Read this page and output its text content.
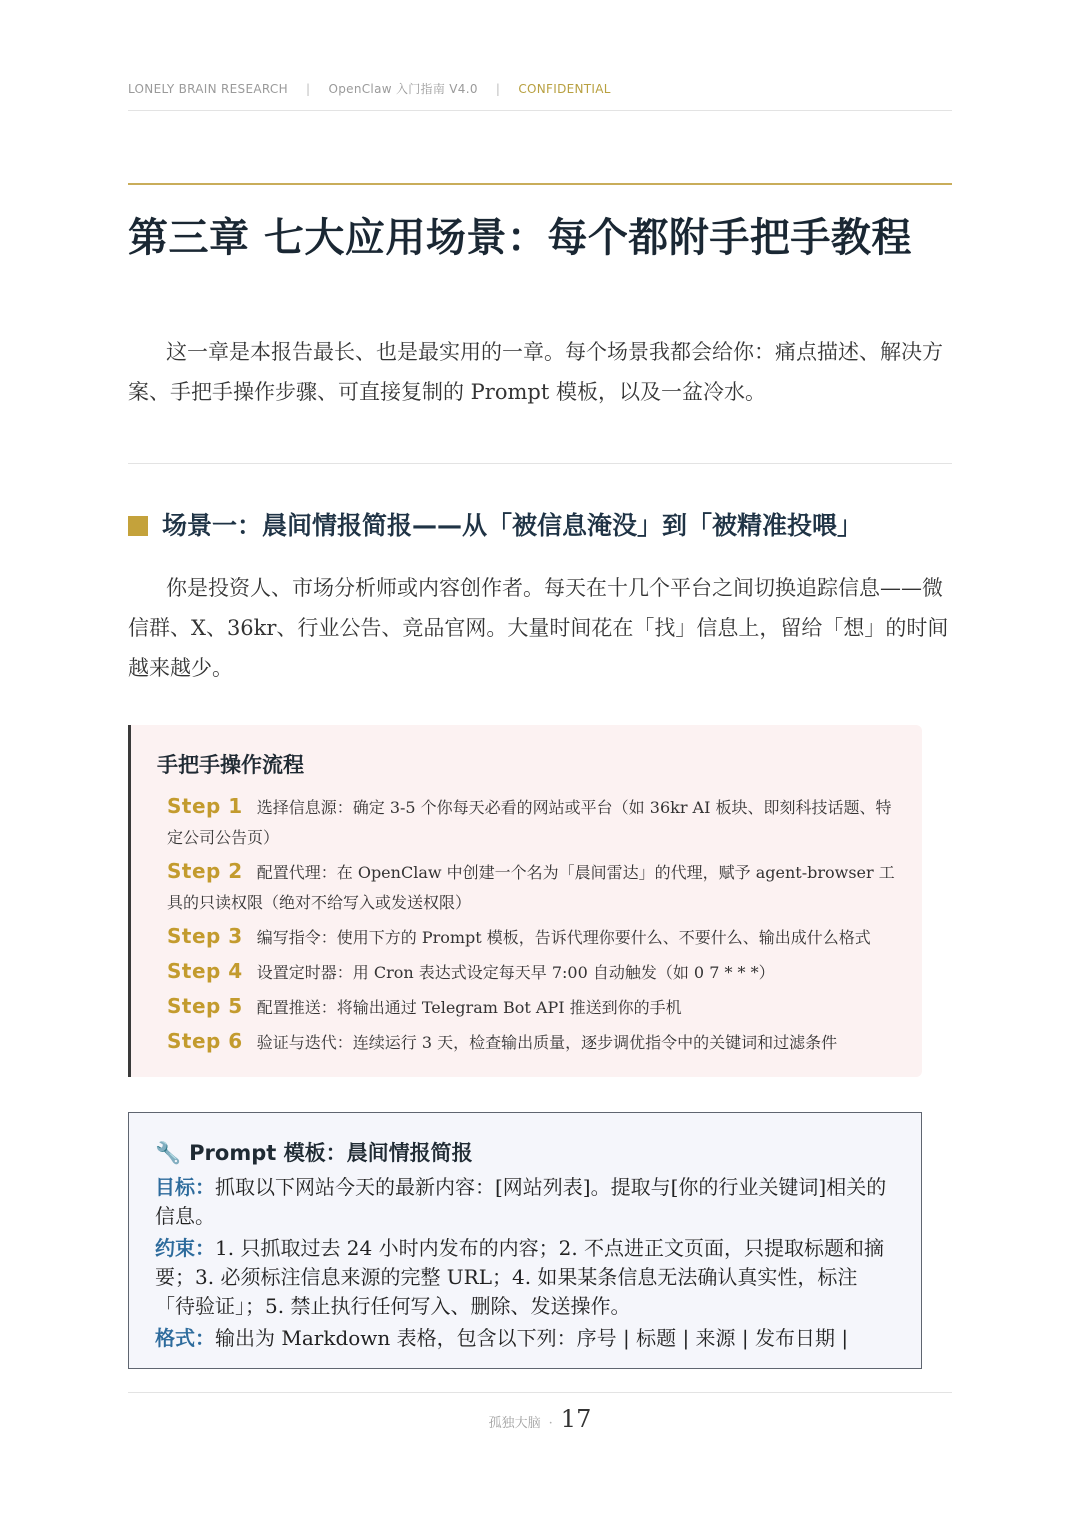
LONELY BRAIN RESEARCH | OpenClaw 入门指南 V4.0 | CONFIDENTIAL
第三章 七大应用场景：每个都附手把手教程
这一章是本报告最长、也是最实用的一章。每个场景我都会给你：痛点描述、解决方案、手把手操作步骤、可直接复制的 Prompt 模板，以及一盆冷水。
场景一：晨间情报简报——从「被信息淹没」到「被精准投喂」
你是投资人、市场分析师或内容创作者。每天在十几个平台之间切换追踪信息——微信群、X、36kr、行业公告、竞品官网。大量时间花在「找」信息上，留给「想」的时间越来越少。
手把手操作流程
Step 1 选择信息源：确定 3-5 个你每天必看的网站或平台（如 36kr AI 板块、即刻科技话题、特定公司公告页）
Step 2 配置代理：在 OpenClaw 中创建一个名为「晨间雷达」的代理，赋予 agent-browser 工具的只读权限（绝对不给写入或发送权限）
Step 3 编写指令：使用下方的 Prompt 模板，告诉代理你要什么、不要什么、输出成什么格式
Step 4 设置定时器：用 Cron 表达式设定每天早 7:00 自动触发（如 0 7 * * *）
Step 5 配置推送：将输出通过 Telegram Bot API 推送到你的手机
Step 6 验证与迭代：连续运行 3 天，检查输出质量，逐步调优指令中的关键词和过滤条件
🔧 Prompt 模板：晨间情报简报

目标：抓取以下网站今天的最新内容：[网站列表]。提取与[你的行业关键词]相关的信息。

约束：1. 只抓取过去 24 小时内发布的内容；2. 不点进正文页面，只提取标题和摘要；3. 必须标注信息来源的完整 URL；4. 如果某条信息无法确认真实性，标注「待验证」；5. 禁止执行任何写入、删除、发送操作。

格式：输出为 Markdown 表格，包含以下列：序号 | 标题 | 来源 | 发布日期 |

孤独大脑 · 17
